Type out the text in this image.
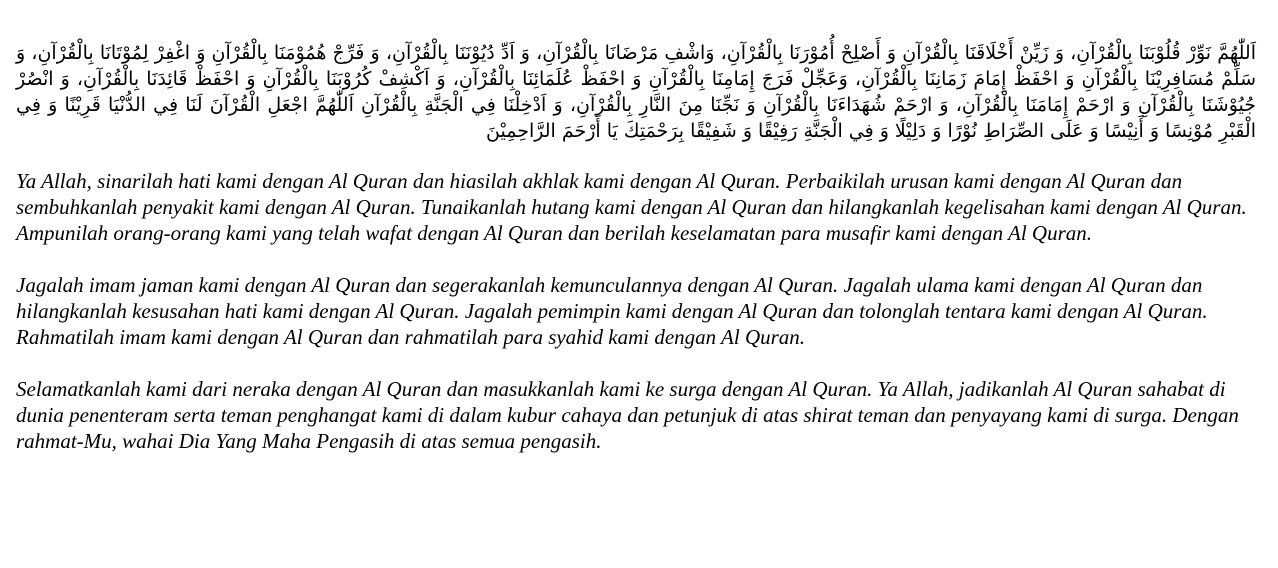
اَللّٰهُمَّ نَوِّرْ قُلُوْبَنَا بِالْقُرْآنِ، وَ زَيِّنْ أَخْلَاقَنَا بِالْقُرْآنِ وَ أَصْلِحْ أُمُوْرَنَا بِالْقُرْآنِ، وَاشْفِ مَرْضَانَا بِالْقُرْآنِ، وَ اَدِّ دُيُوْنَنَا بِالْقُرْآنِ، وَ فَرِّجْ هُمُوْمَنَا بِالْقُرْآنِ وَ اغْفِرْ لِمُوْتَانَا بِالْقُرْآنِ، وَ سَلِّمْ مُسَافِرِيْنَا بِالْقُرْآنِ وَ احْفَظْ إِمَامَ زَمَانِنَا بِالْقُرْآنِ، وَعَجِّلْ فَرَجَ إِمَامِنَا بِالْقُرْآنِ وَ احْفَظْ عُلَمَائِنَا بِالْقُرْآنِ، وَ اَكْشِفْ كُرُوْبَنَا بِالْقُرْآنِ وَ احْفَظْ قَائِدَنَا بِالْقُرْآنِ، وَ انْصُرْ جُيُوْشَنَا بِالْقُرْآنِ وَ ارْحَمْ إِمَامَنَا بِالْقُرْآنِ، وَ ارْحَمْ شُهَدَاءَنَا بِالْقُرْآنِ وَ نَجِّنَا مِنَ النَّارِ بِالْقُرْآنِ، وَ اَدْخِلْنَا فِي الْجَنَّةِ بِالْقُرْآنِ اَللّٰهُمَّ اجْعَلِ الْقُرْآنَ لَنَا فِي الدُّنْيَا قَرِيْنًا وَ فِي الْقَبْرِ مُوْنِسًا وَ أَنِيْسًا وَ عَلَى الصِّرَاطِ نُوْرًا وَ دَلِيْلًا وَ فِي الْجَنَّةِ رَفِيْقًا وَ شَفِيْقًا بِرَحْمَتِكَ يَا أَرْحَمَ الرَّاحِمِيْنَ

Ya Allah, sinarilah hati kami dengan Al Quran dan hiasilah akhlak kami dengan Al Quran. Perbaikilah urusan kami dengan Al Quran dan sembuhkanlah penyakit kami dengan Al Quran. Tunaikanlah hutang kami dengan Al Quran dan hilangkanlah kegelisahan kami dengan Al Quran. Ampunilah orang-orang kami yang telah wafat dengan Al Quran dan berilah keselamatan para musafir kami dengan Al Quran.

Jagalah imam jaman kami dengan Al Quran dan segerakanlah kemunculannya dengan Al Quran. Jagalah ulama kami dengan Al Quran dan hilangkanlah kesusahan hati kami dengan Al Quran. Jagalah pemimpin kami dengan Al Quran dan tolonglah tentara kami dengan Al Quran. Rahmatilah imam kami dengan Al Quran dan rahmatilah para syahid kami dengan Al Quran.

Selamatkanlah kami dari neraka dengan Al Quran dan masukkanlah kami ke surga dengan Al Quran. Ya Allah, jadikanlah Al Quran sahabat di dunia penenteram serta teman penghangat kami di dalam kubur cahaya dan petunjuk di atas shirat teman dan penyayang kami di surga. Dengan rahmat-Mu, wahai Dia Yang Maha Pengasih di atas semua pengasih.
